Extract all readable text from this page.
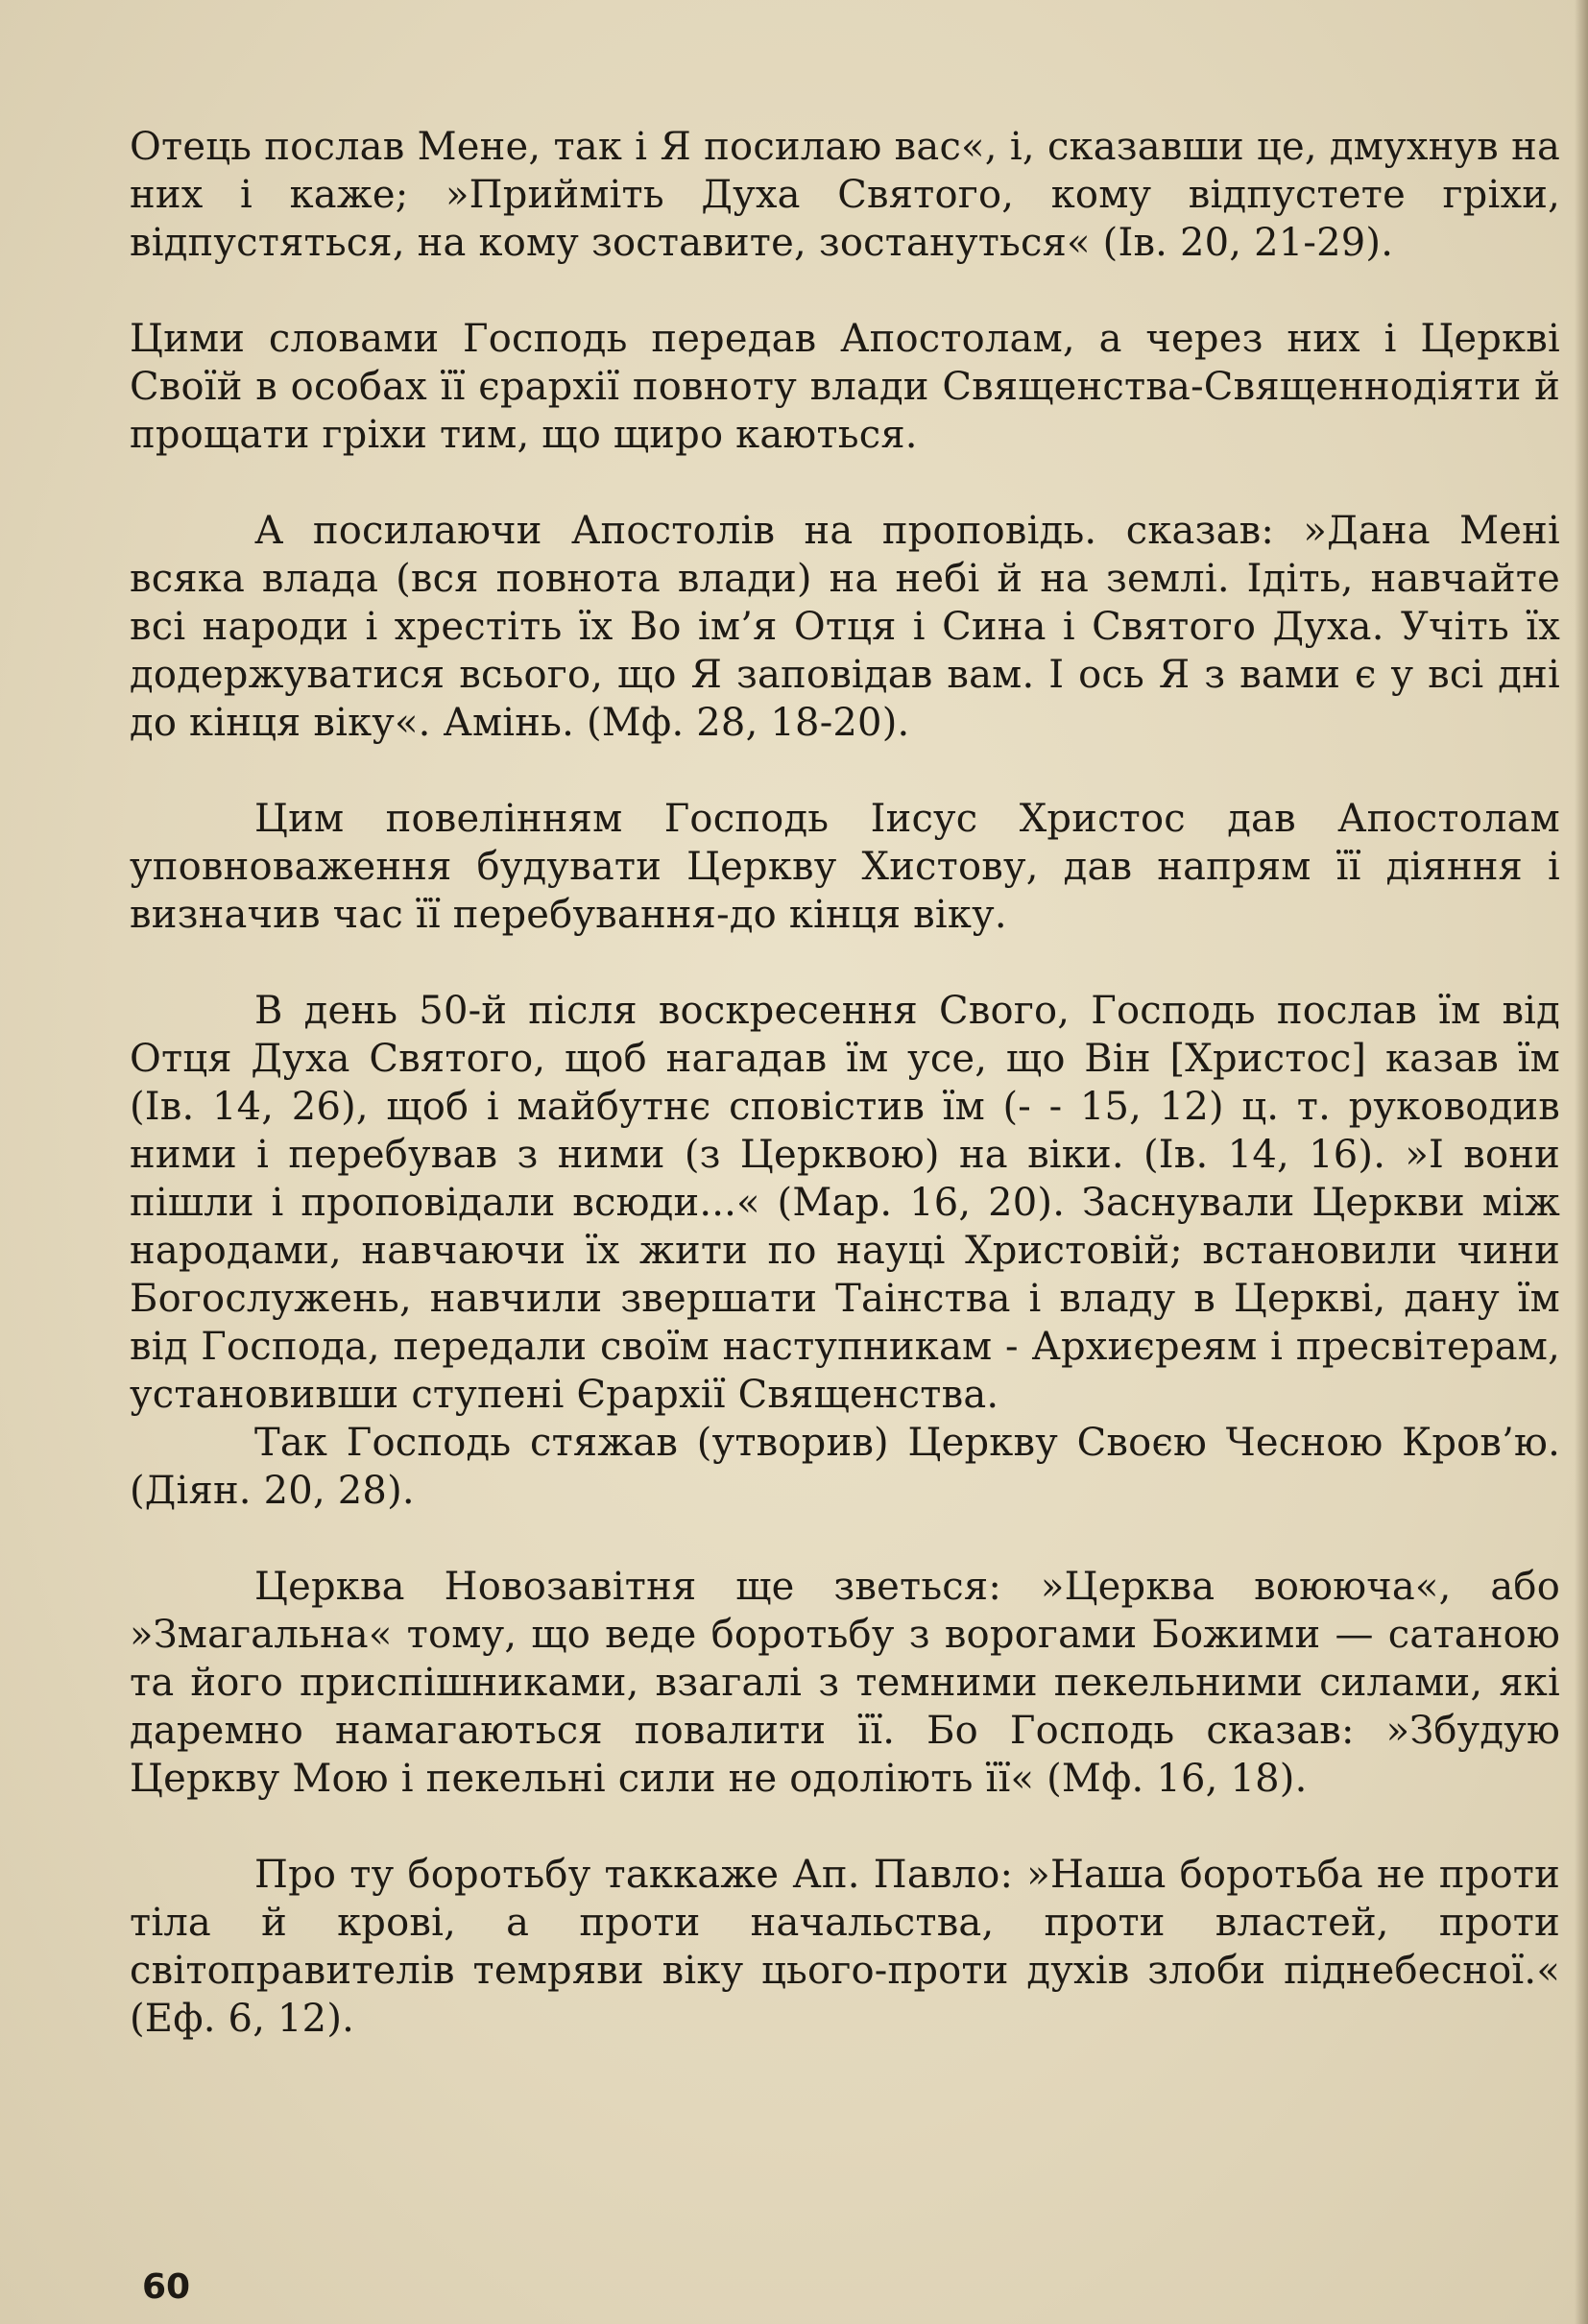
Отець послав Мене, так і Я посилаю вас«, і, сказавши це, дмухнув на них і каже; »Прийміть Духа Святого, кому відпустете гріхи, відпустяться, на кому зоставите, зостануться« (Ів. 20, 21-29).

Цими словами Господь передав Апостолам, а через них і Церкві Своїй в особах її єрархії повноту влади Священства-Священнодіяти й прощати гріхи тим, що щиро каються.

А посилаючи Апостолів на проповідь. сказав: »Дана Мені всяка влада (вся повнота влади) на небі й на землі. Ідіть, навчайте всі народи і хрестіть їх Во ім’я Отця і Сина і Святого Духа. Учіть їх додержуватися всього, що Я заповідав вам. І ось Я з вами є у всі дні до кінця віку«. Амінь. (Мф. 28, 18-20).

Цим повелінням Господь Іисус Христос дав Апостолам уповноваження будувати Церкву Хистову, дав напрям її діяння і визначив час її перебування-до кінця віку.

В день 50-й після воскресення Свого, Господь послав їм від Отця Духа Святого, щоб нагадав їм усе, що Він [Христос] казав їм (Ів. 14, 26), щоб і майбутнє сповістив їм (- - 15, 12) ц. т. руководив ними і перебував з ними (з Церквою) на віки. (Ів. 14, 16). »І вони пішли і проповідали всюди...« (Мар. 16, 20). Заснували Церкви між народами, навчаючи їх жити по науці Христовій; встановили чини Богослужень, навчили звершати Таінства і владу в Церкві, дану їм від Господа, передали своїм наступникам - Архиєреям і пресвітерам, установивши ступені Єрархії Священства.

Так Господь стяжав (утворив) Церкву Своєю Чесною Кров’ю. (Діян. 20, 28).

Церква Новозавітня ще зветься: »Церква воююча«, або »Змагальна« тому, що веде боротьбу з ворогами Божими — сатаною та його приспішниками, взагалі з темними пекельними силами, які даремно намагаються повалити її. Бо Господь сказав: »Збудую Церкву Мою і пекельні сили не одоліють її« (Мф. 16, 18).

Про ту боротьбу таккаже Ап. Павло: »Наша боротьба не проти тіла й крові, а проти начальства, проти властей, проти світоправителів темряви віку цього-проти духів злоби піднебесної.« (Еф. 6, 12).

60
